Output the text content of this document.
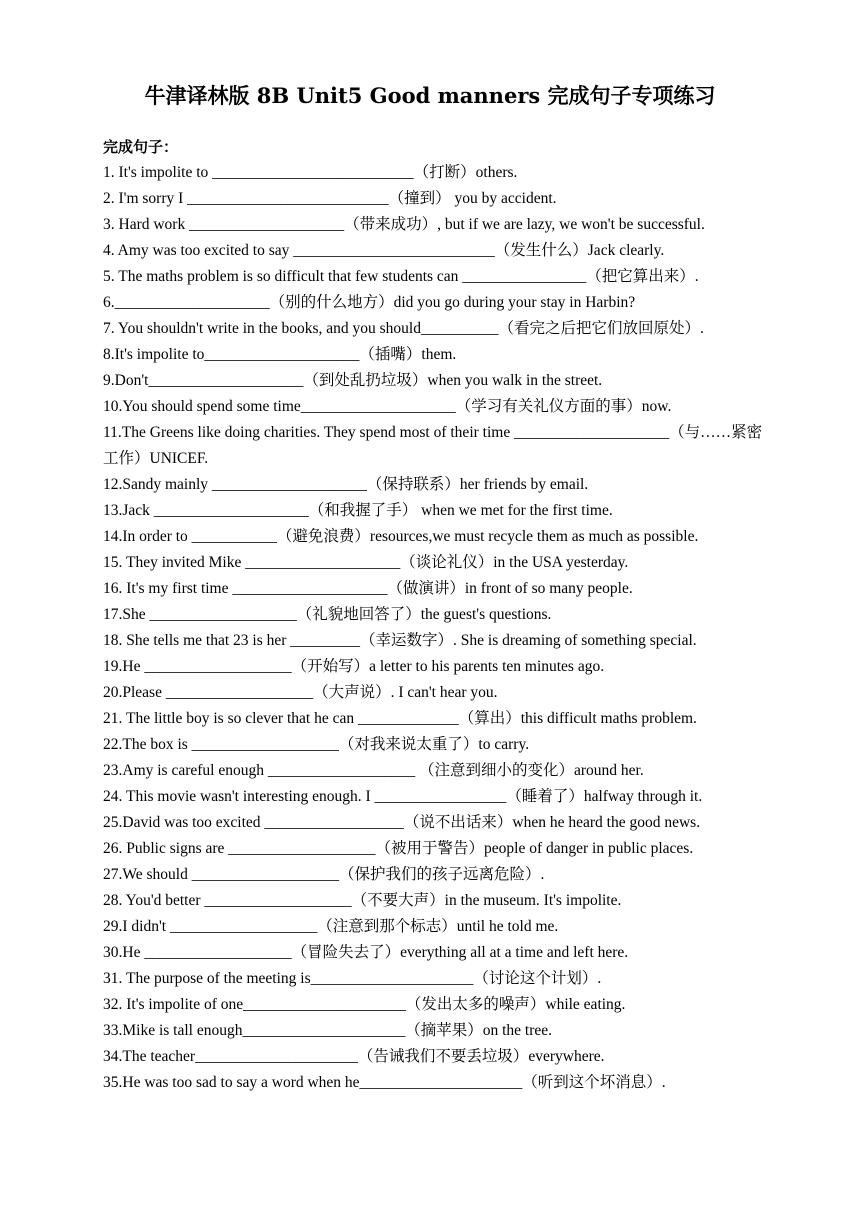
牛津译林版 8B Unit5 Good manners 完成句子专项练习
完成句子：
1. It's impolite to __________________________（打断）others.
2. I'm sorry I __________________________（撞到） you by accident.
3. Hard work ____________________（带来成功）, but if we are lazy, we won't be successful.
4. Amy was too excited to say __________________________（发生什么）Jack clearly.
5. The maths problem is so difficult that few students can ________________（把它算出来）.
6.____________________（别的什么地方）did you go during your stay in Harbin?
7. You shouldn't write in the books, and you should__________（看完之后把它们放回原处）.
8.It's impolite to____________________（插嘴）them.
9.Don't____________________（到处乱扔垃圾）when you walk in the street.
10.You should spend some time____________________（学习有关礼仪方面的事）now.
11.The Greens like doing charities. They spend most of their time ____________________（与……紧密工作）UNICEF.
12.Sandy mainly ____________________（保持联系）her friends by email.
13.Jack ____________________（和我握了手） when we met for the first time.
14.In order to ___________（避免浪费）resources,we must recycle them as much as possible.
15. They invited Mike ____________________（谈论礼仪）in the USA yesterday.
16. It's my first time ____________________（做演讲）in front of so many people.
17.She ___________________（礼貌地回答了）the guest's questions.
18. She tells me that 23 is her _________（幸运数字）. She is dreaming of something special.
19.He ___________________（开始写）a letter to his parents ten minutes ago.
20.Please ___________________（大声说）. I can't hear you.
21. The little boy is so clever that he can _____________（算出）this difficult maths problem.
22.The box is ___________________（对我来说太重了）to carry.
23.Amy is careful enough ___________________ （注意到细小的变化）around her.
24. This movie wasn't interesting enough. I _________________（睡着了）halfway through it.
25.David was too excited __________________（说不出话来）when he heard the good news.
26. Public signs are ___________________（被用于警告）people of danger in public places.
27.We should ___________________（保护我们的孩子远离危险）.
28. You'd better ___________________（不要大声）in the museum. It's impolite.
29.I didn't ___________________（注意到那个标志）until he told me.
30.He ___________________（冒险失去了）everything all at a time and left here.
31. The purpose of the meeting is_____________________（讨论这个计划）.
32. It's impolite of one_____________________（发出太多的噪声）while eating.
33.Mike is tall enough_____________________（摘苹果）on the tree.
34.The teacher_____________________（告诫我们不要丢垃圾）everywhere.
35.He was too sad to say a word when he_____________________（听到这个坏消息）.
